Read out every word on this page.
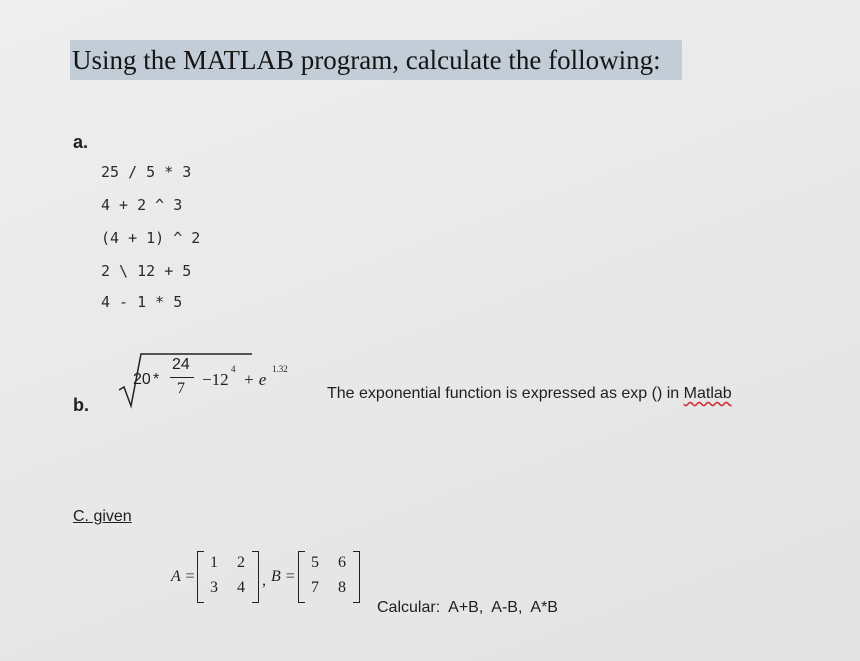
Using the MATLAB program, calculate the following:
a.
25 / 5 * 3
4 + 2 ^ 3
(4 + 1) ^ 2
2 \ 12 + 5
4 - 1 * 5
b.
20 *
24
7 −12
4
+ e
1.32
The exponential function is expressed as exp () in Matlab
C. given
A =
1 2
3 4 , B =
5 6
7 8
Calcular:  A+B,  A-B,  A*B
